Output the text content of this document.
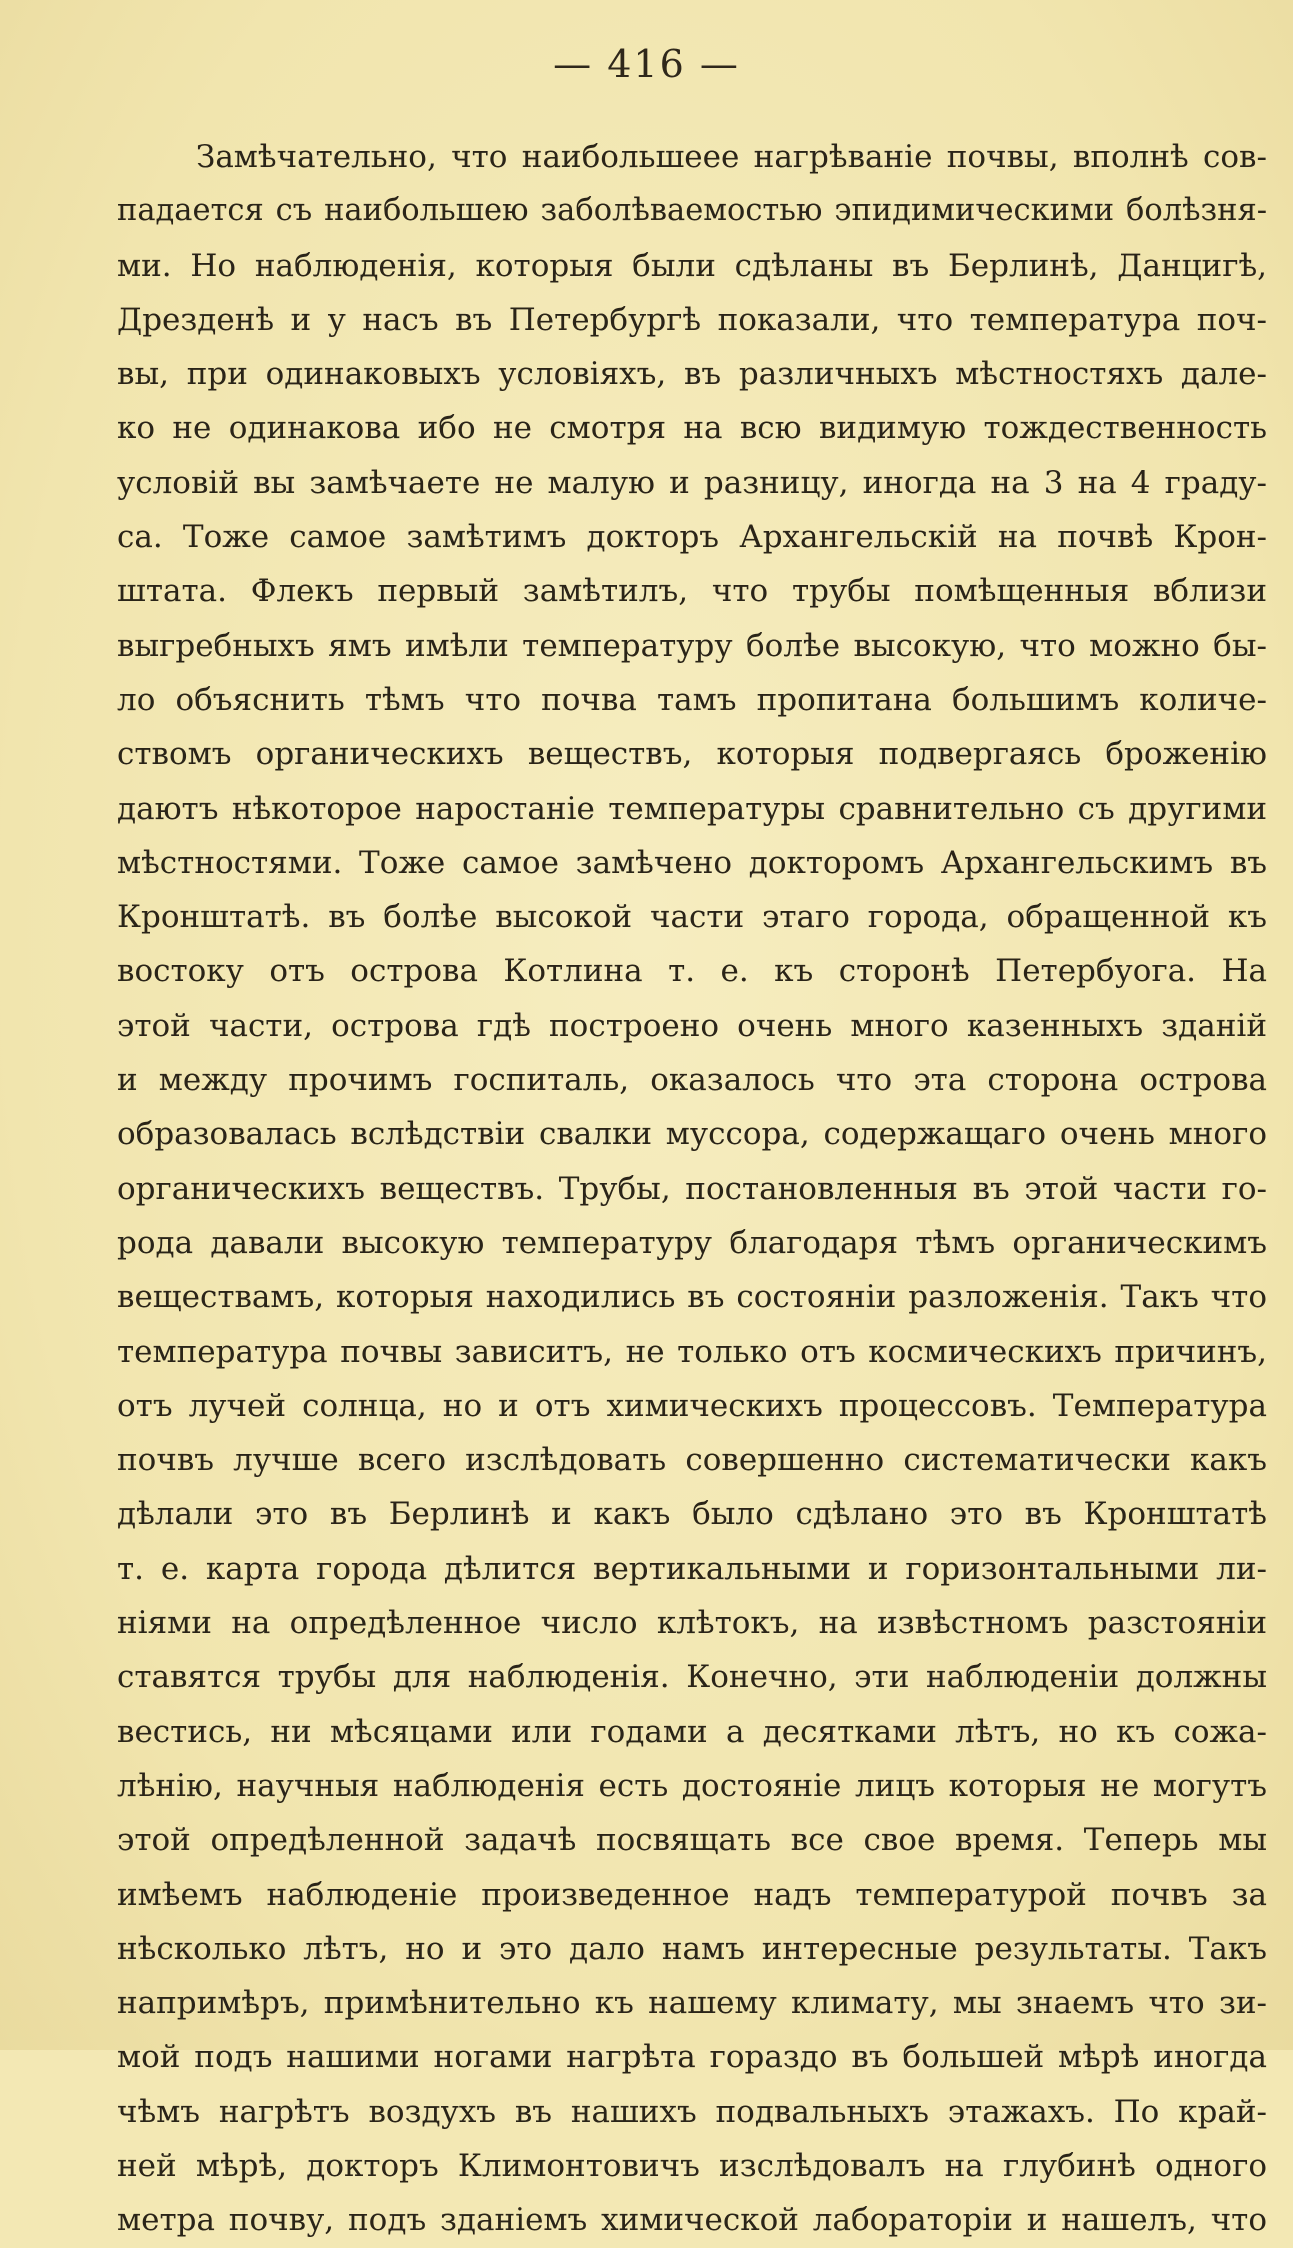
— 416 —
Замѣчательно, что наибольшеее нагрѣванiе почвы, вполнѣ сов-
падается съ наибольшею заболѣваемостью эпидимическими болѣзня-
ми. Но наблюденiя, которыя были сдѣланы въ Берлинѣ, Данцигѣ,
Дрезденѣ и у насъ въ Петербургѣ показали, что температура поч-
вы, при одинаковыхъ условiяхъ, въ различныхъ мѣстностяхъ дале-
ко не одинакова ибо не смотря на всю видимую тождественность
условiй вы замѣчаете не малую и разницу, иногда на 3 на 4 граду-
са. Тоже самое замѣтимъ докторъ Архангельскiй на почвѣ Крон-
штата. Флекъ первый замѣтилъ, что трубы помѣщенныя вблизи
выгребныхъ ямъ имѣли температуру болѣе высокую, что можно бы-
ло объяснить тѣмъ что почва тамъ пропитана большимъ количе-
ствомъ органическихъ веществъ, которыя подвергаясь броженiю
даютъ нѣкоторое наростанiе температуры сравнительно съ другими
мѣстностями. Тоже самое замѣчено докторомъ Архангельскимъ въ
Кронштатѣ. въ болѣе высокой части этаго города, обращенной къ
востоку отъ острова Котлина т. е. къ сторонѣ Петербуога. На
этой части, острова гдѣ построено очень много казенныхъ зданiй
и между прочимъ госпиталь, оказалось что эта сторона острова
образовалась вслѣдствiи свалки муссора, содержащаго очень много
органическихъ веществъ. Трубы, постановленныя въ этой части го-
рода давали высокую температуру благодаря тѣмъ органическимъ
веществамъ, которыя находились въ состоянiи разложенiя. Такъ что
температура почвы зависитъ, не только отъ космическихъ причинъ,
отъ лучей солнца, но и отъ химическихъ процессовъ. Температура
почвъ лучше всего изслѣдовать совершенно систематически какъ
дѣлали это въ Берлинѣ и какъ было сдѣлано это въ Кронштатѣ
т. е. карта города дѣлится вертикальными и горизонтальными ли-
нiями на опредѣленное число клѣтокъ, на извѣстномъ разстоянiи
ставятся трубы для наблюденiя. Конечно, эти наблюденiи должны
вестись, ни мѣсяцами или годами а десятками лѣтъ, но къ сожа-
лѣнiю, научныя наблюденiя есть достоянiе лицъ которыя не могутъ
этой опредѣленной задачѣ посвящать все свое время. Теперь мы
имѣемъ наблюденiе произведенное надъ температурой почвъ за
нѣсколько лѣтъ, но и это дало намъ интересные результаты. Такъ
напримѣръ, примѣнительно къ нашему климату, мы знаемъ что зи-
мой подъ нашими ногами нагрѣта гораздо въ большей мѣрѣ иногда
чѣмъ нагрѣтъ воздухъ въ нашихъ подвальныхъ этажахъ. По край-
ней мѣрѣ, докторъ Климонтовичъ изслѣдовалъ на глубинѣ одного
метра почву, подъ зданiемъ химической лабораторiи и нашелъ, что
